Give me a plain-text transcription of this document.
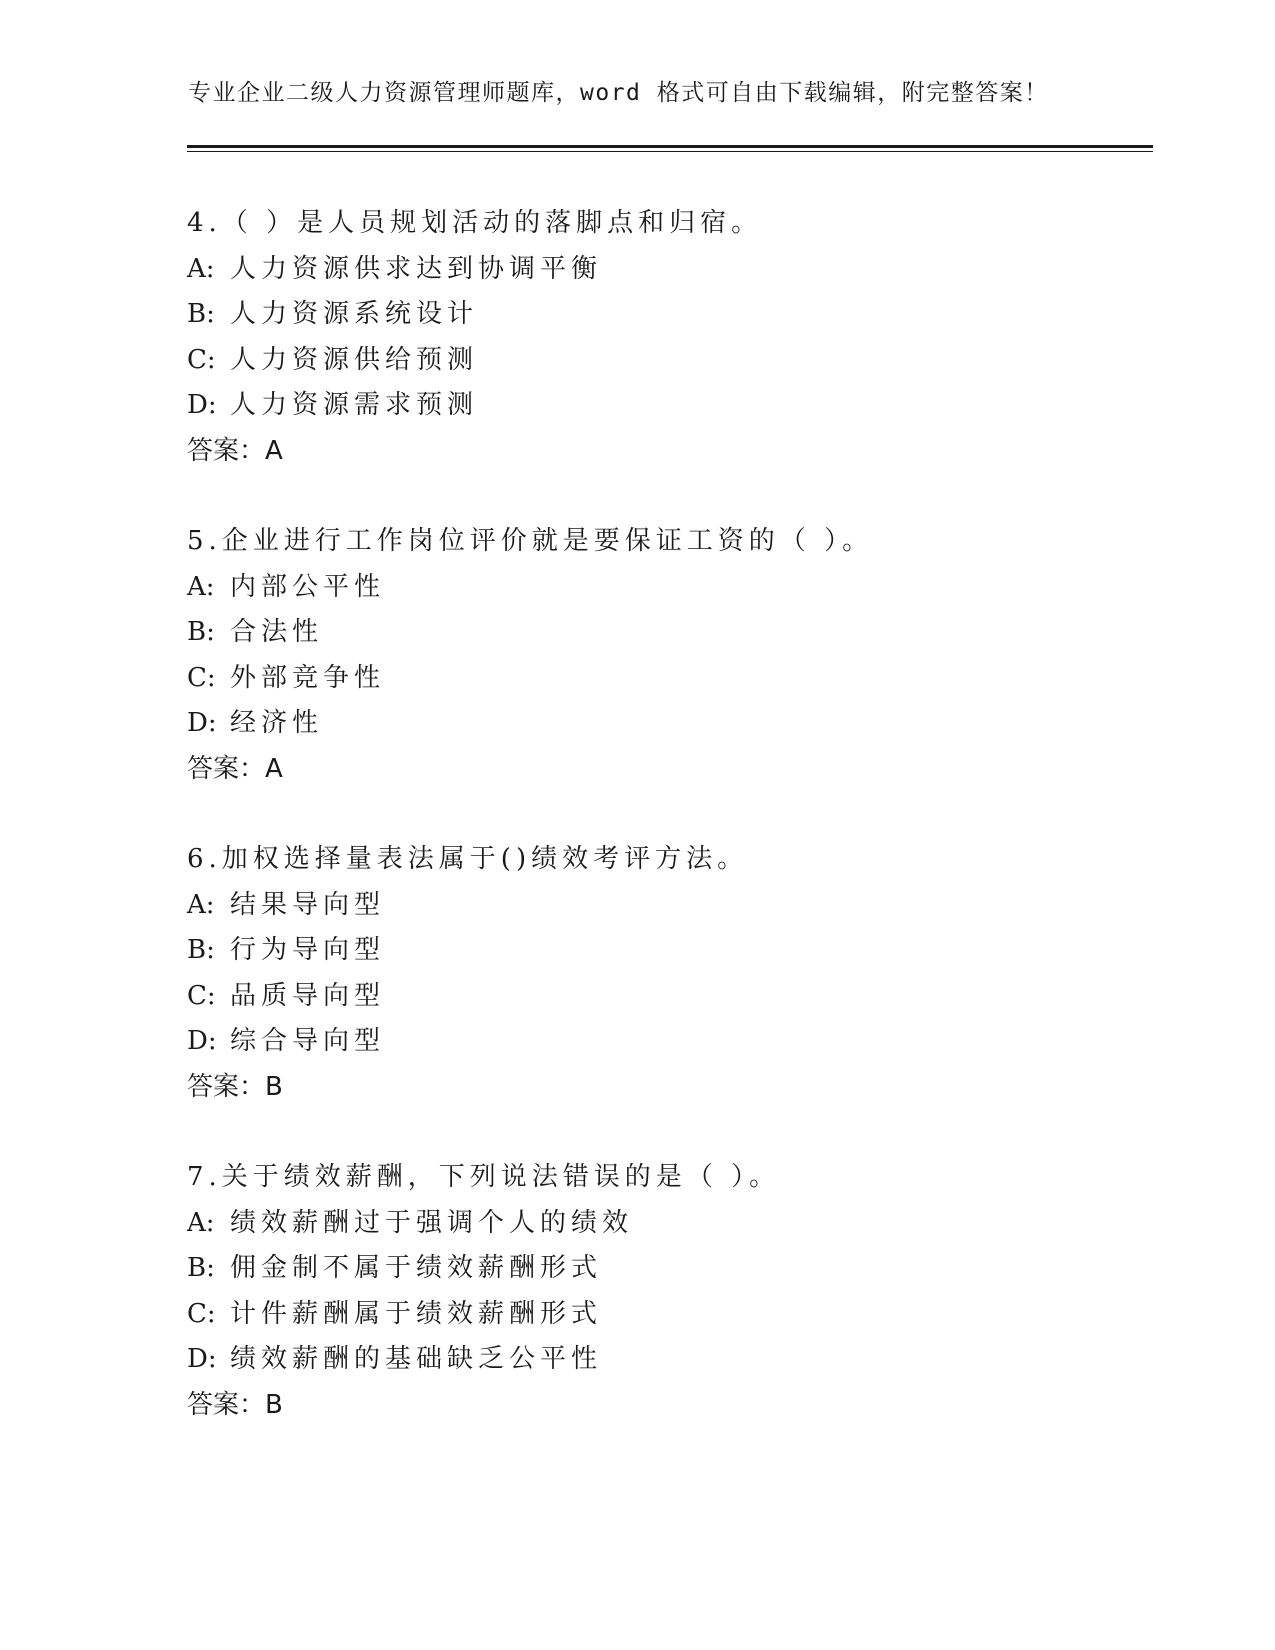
专业企业二级人力资源管理师题库，word 格式可自由下载编辑，附完整答案！
4.（ ）是人员规划活动的落脚点和归宿。
A: 人力资源供求达到协调平衡
B: 人力资源系统设计
C: 人力资源供给预测
D: 人力资源需求预测
答案：A
5.企业进行工作岗位评价就是要保证工资的（ ）。
A: 内部公平性
B: 合法性
C: 外部竞争性
D: 经济性
答案：A
6.加权选择量表法属于()绩效考评方法。
A: 结果导向型
B: 行为导向型
C: 品质导向型
D: 综合导向型
答案：B
7.关于绩效薪酬，下列说法错误的是（ ）。
A: 绩效薪酬过于强调个人的绩效
B: 佣金制不属于绩效薪酬形式
C: 计件薪酬属于绩效薪酬形式
D: 绩效薪酬的基础缺乏公平性
答案：B
